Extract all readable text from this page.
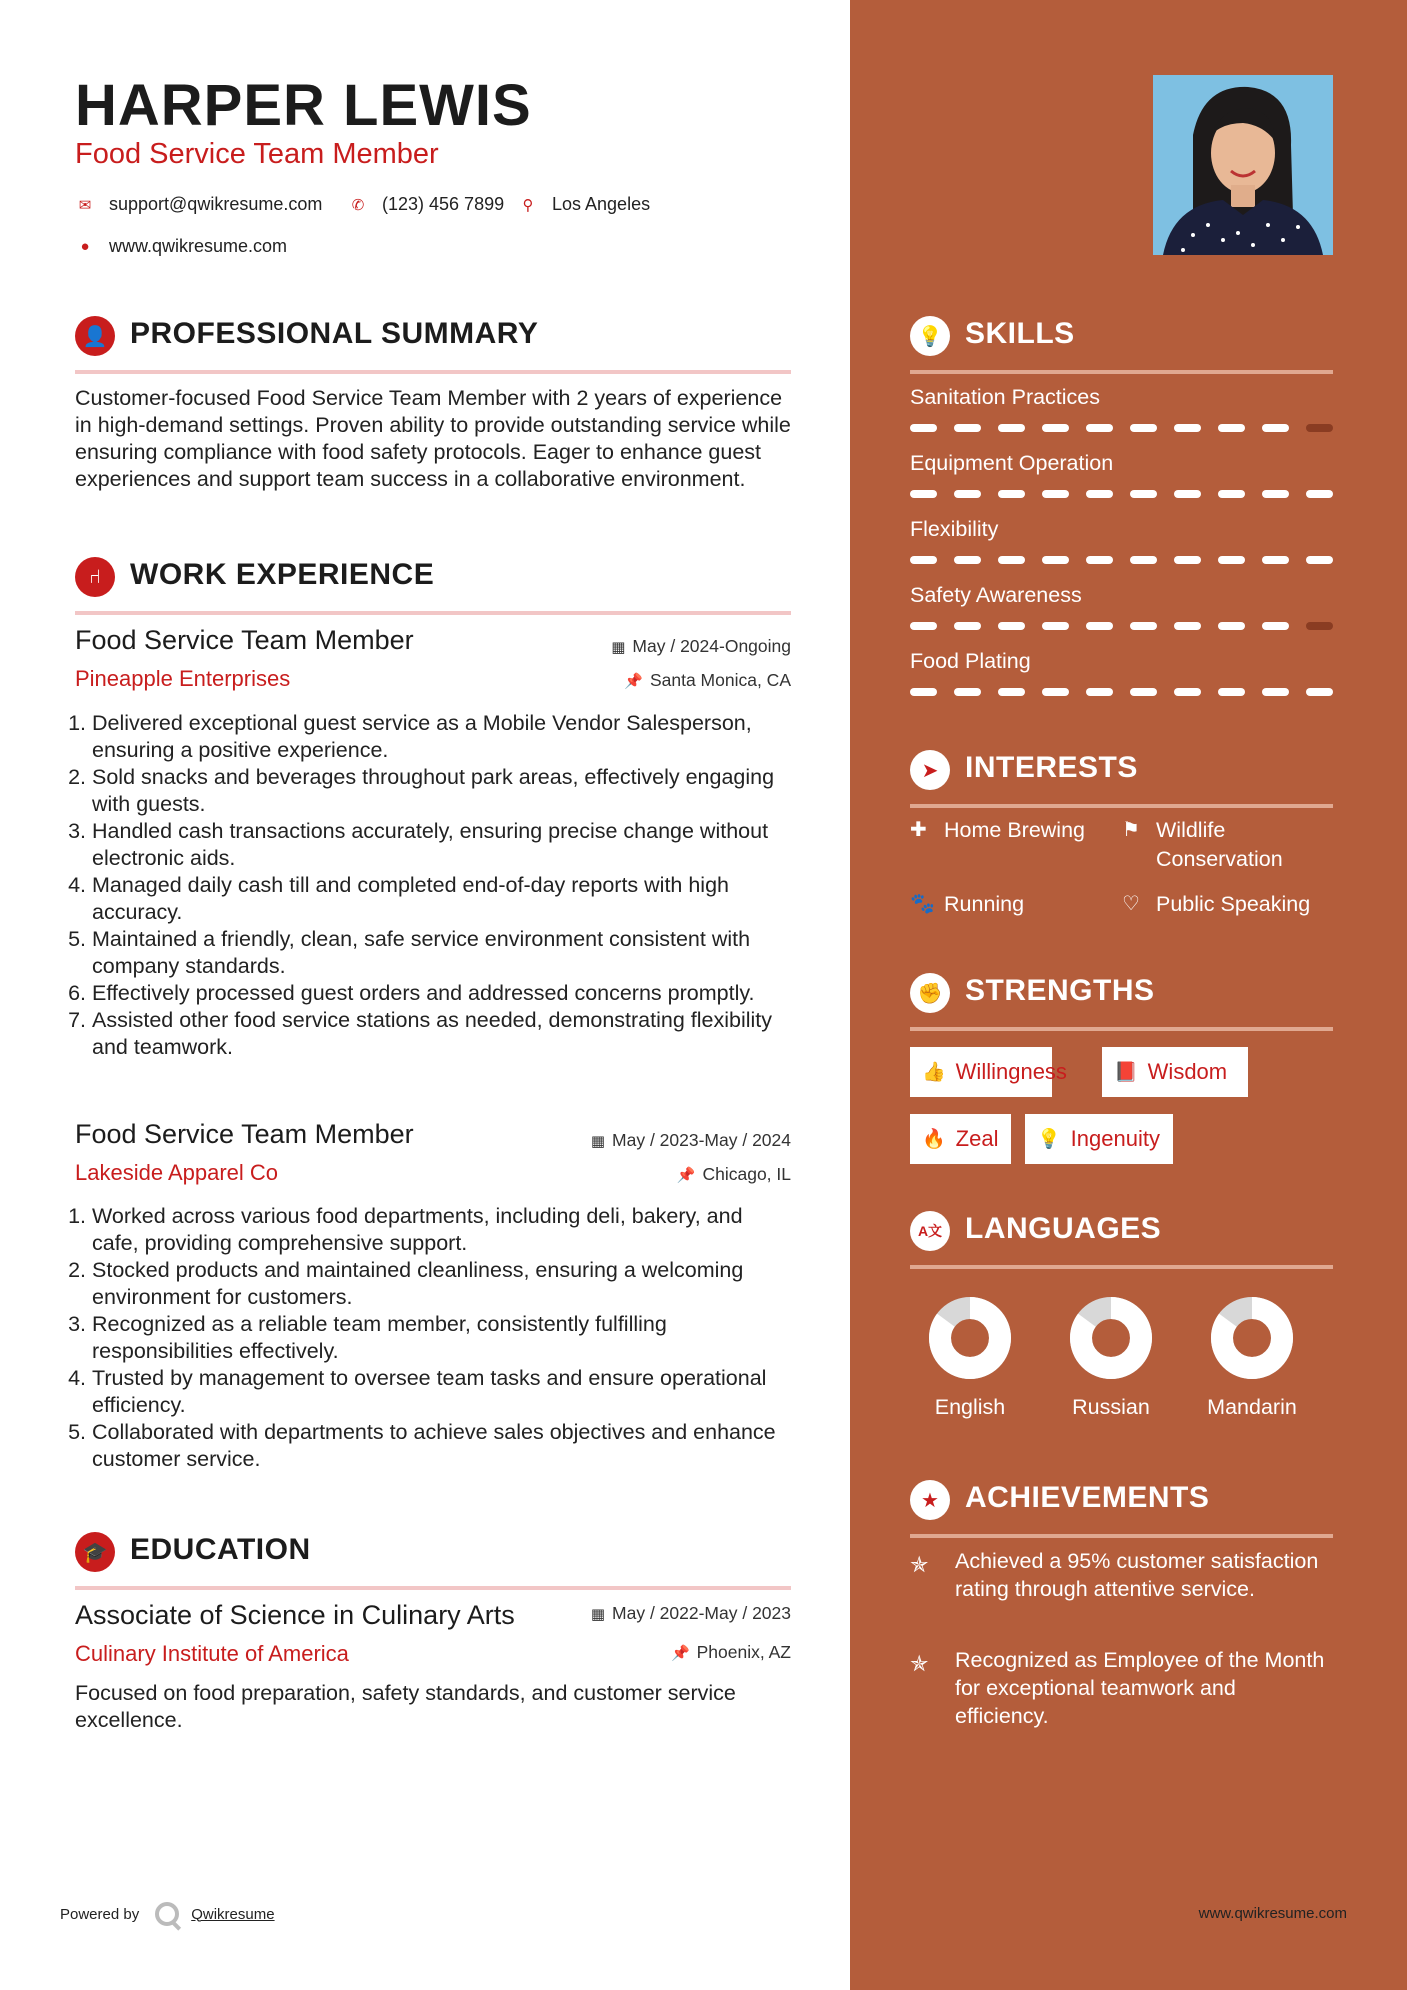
HARPER LEWIS
Food Service Team Member
✉ support@qwikresume.com ✆ (123) 456 7899	⚲ Los Angeles
●	www.qwikresume.com
👤 PROFESSIONAL SUMMARY
Customer-focused Food Service Team Member with 2 years of experience in high-demand settings. Proven ability to provide outstanding service while ensuring compliance with food safety protocols. Eager to enhance guest experiences and support team success in a collaborative environment.
⑁ WORK EXPERIENCE
Food Service Team Member	▦ May / 2024-Ongoing
Pineapple Enterprises	📌 Santa Monica, CA
1. Delivered exceptional guest service as a Mobile Vendor Salesperson, ensuring a positive experience.
2. Sold snacks and beverages throughout park areas, effectively engaging with guests.
3. Handled cash transactions accurately, ensuring precise change without electronic aids.
4. Managed daily cash till and completed end-of-day reports with high accuracy.
5. Maintained a friendly, clean, safe service environment consistent with company standards.
6. Effectively processed guest orders and addressed concerns promptly.
7. Assisted other food service stations as needed, demonstrating flexibility and teamwork.
Food Service Team Member	▦ May / 2023-May / 2024
Lakeside Apparel Co	📌 Chicago, IL
1. Worked across various food departments, including deli, bakery, and cafe, providing comprehensive support.
2. Stocked products and maintained cleanliness, ensuring a welcoming environment for customers.
3. Recognized as a reliable team member, consistently fulfilling responsibilities effectively.
4. Trusted by management to oversee team tasks and ensure operational efficiency.
5. Collaborated with departments to achieve sales objectives and enhance customer service.
🎓 EDUCATION
Associate of Science in Culinary Arts	▦ May / 2022-May / 2023
Culinary Institute of America	📌 Phoenix, AZ
Focused on food preparation, safety standards, and customer service excellence.
Powered by	Qwikresume
💡 SKILLS
Sanitation Practices
Equipment Operation
Flexibility
Safety Awareness
Food Plating
➤ INTERESTS
✚ Home Brewing	⚑ Wildlife Conservation
🐾 Running	♡ Public Speaking
✊ STRENGTHS
👍 Willingness 📕 Wisdom
🔥 Zeal 💡 Ingenuity
A文 LANGUAGES
English	Russian	Mandarin
★ ACHIEVEMENTS
✯ Achieved a 95% customer satisfaction rating through attentive service.
✯ Recognized as Employee of the Month for exceptional teamwork and efficiency.
www.qwikresume.com
